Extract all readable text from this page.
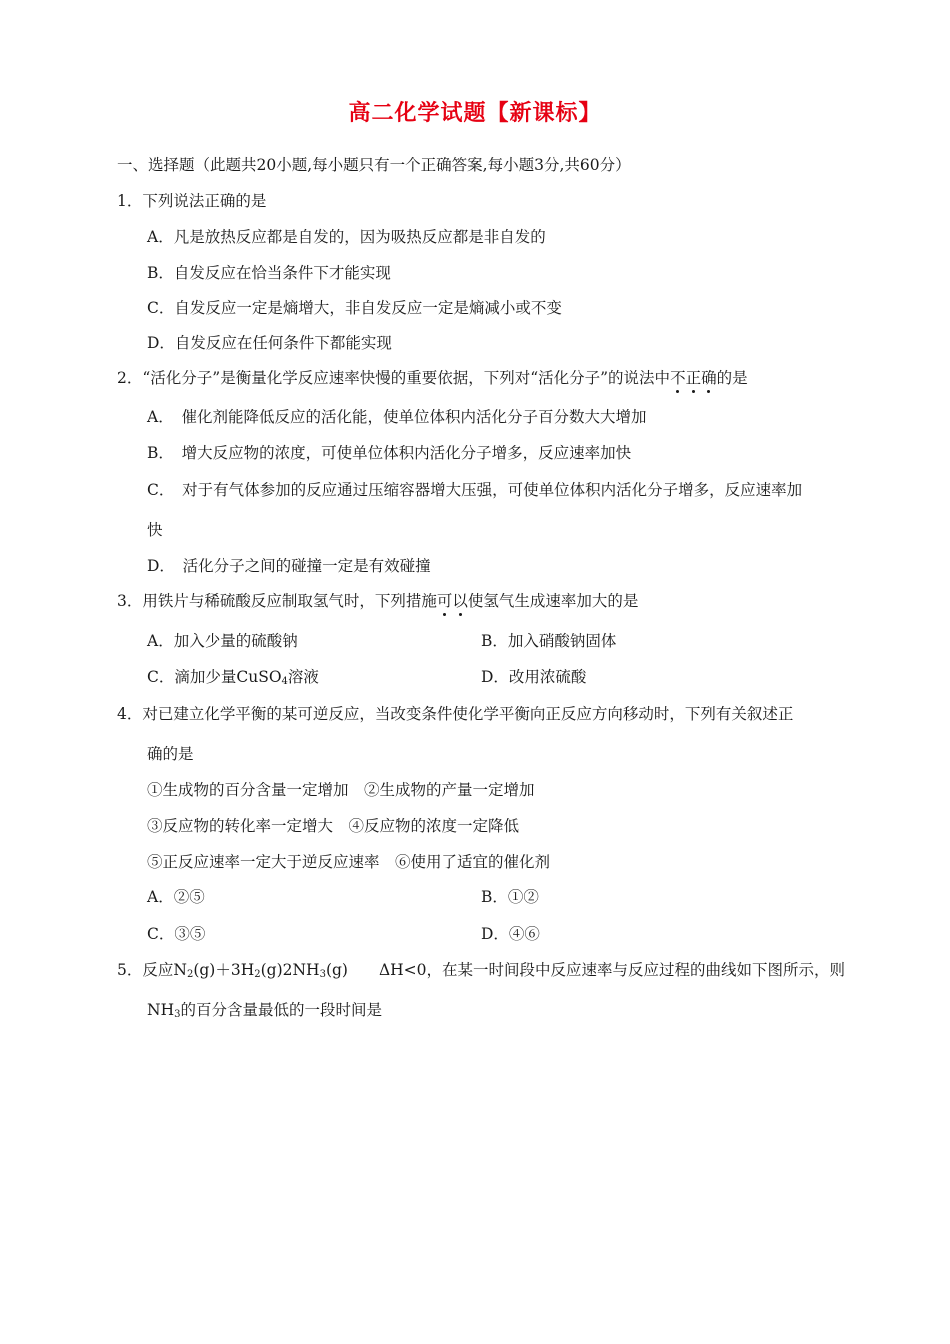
高二化学试题【新课标】
一、选择题（此题共20小题,每小题只有一个正确答案,每小题3分,共60分）
1．下列说法正确的是
A．凡是放热反应都是自发的，因为吸热反应都是非自发的
B．自发反应在恰当条件下才能实现
C．自发反应一定是熵增大，非自发反应一定是熵减小或不变
D．自发反应在任何条件下都能实现
2．“活化分子”是衡量化学反应速率快慢的重要依据，下列对“活化分子”的说法中不正确的是
A．　催化剂能降低反应的活化能，使单位体积内活化分子百分数大大增加
B．　增大反应物的浓度，可使单位体积内活化分子增多，反应速率加快
C．　对于有气体参加的反应通过压缩容器增大压强，可使单位体积内活化分子增多，反应速率加
快
D．　活化分子之间的碰撞一定是有效碰撞
3．用铁片与稀硫酸反应制取氢气时，下列措施可以使氢气生成速率加大的是
A．加入少量的硫酸钠	B．加入硝酸钠固体
C．滴加少量CuSO$_4$溶液	D．改用浓硫酸
4．对已建立化学平衡的某可逆反应，当改变条件使化学平衡向正反应方向移动时，下列有关叙述正
确的是
①生成物的百分含量一定增加　②生成物的产量一定增加
③反应物的转化率一定增大　④反应物的浓度一定降低
⑤正反应速率一定大于逆反应速率　⑥使用了适宜的催化剂
A．②⑤	B．①②
C．③⑤	D．④⑥
5．反应$N_2(g)+3H_2(g)2NH_3(g)$　　ΔH<0，在某一时间段中反应速率与反应过程的曲线如下图所示，则
$NH_3$的百分含量最低的一段时间是
